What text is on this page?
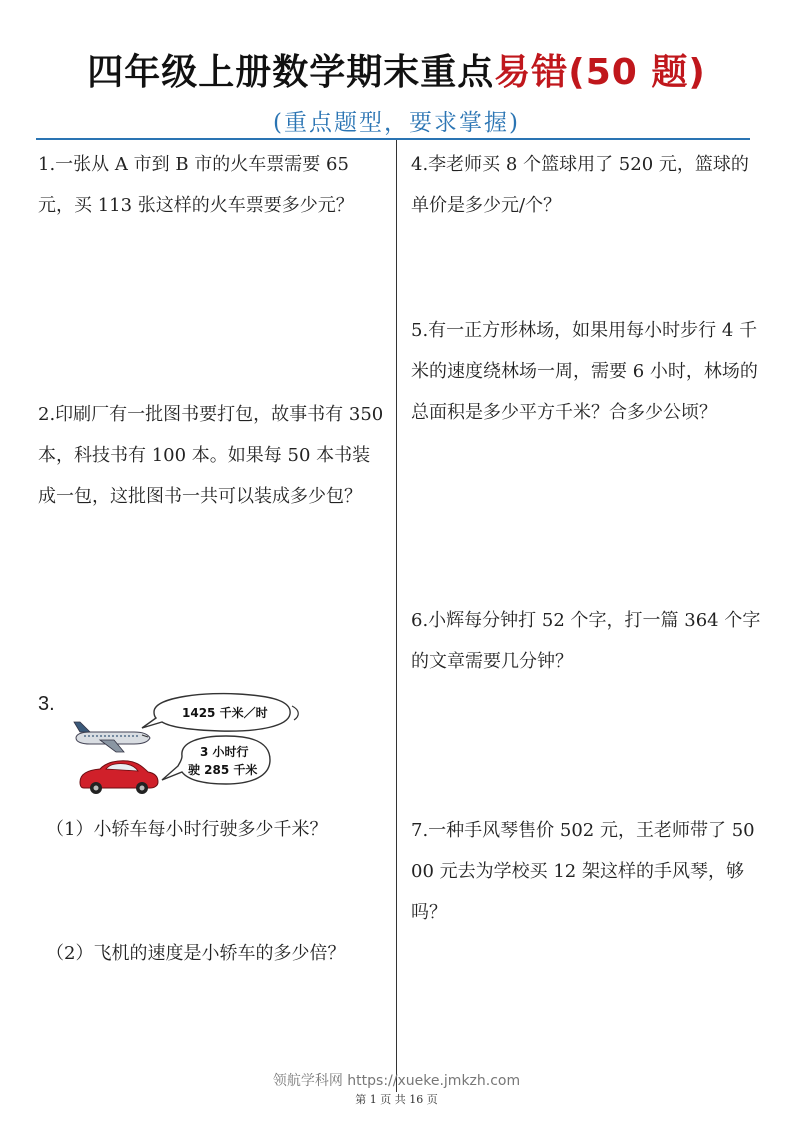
四年级上册数学期末重点易错(50 题)
(重点题型，要求掌握)

1.一张从 A 市到 B 市的火车票需要 65 元，买 113 张这样的火车票要多少元？

2.印刷厂有一批图书要打包，故事书有 350 本，科技书有 100 本。如果每 50 本书装成一包，这批图书一共可以装成多少包？

3.	1425 千米／时
3 小时行
驶 285 千米
（1）小轿车每小时行驶多少千米？
（2）飞机的速度是小轿车的多少倍？

4.李老师买 8 个篮球用了 520 元，篮球的单价是多少元/个？

5.有一正方形林场，如果用每小时步行 4 千米的速度绕林场一周，需要 6 小时，林场的总面积是多少平方千米？合多少公顷？

6.小辉每分钟打 52 个字，打一篇 364 个字的文章需要几分钟？

7.一种手风琴售价 502 元，王老师带了 5000 元去为学校买 12 架这样的手风琴，够吗？

领航学科网 https://xueke.jmkzh.com
第 1 页 共 16 页
